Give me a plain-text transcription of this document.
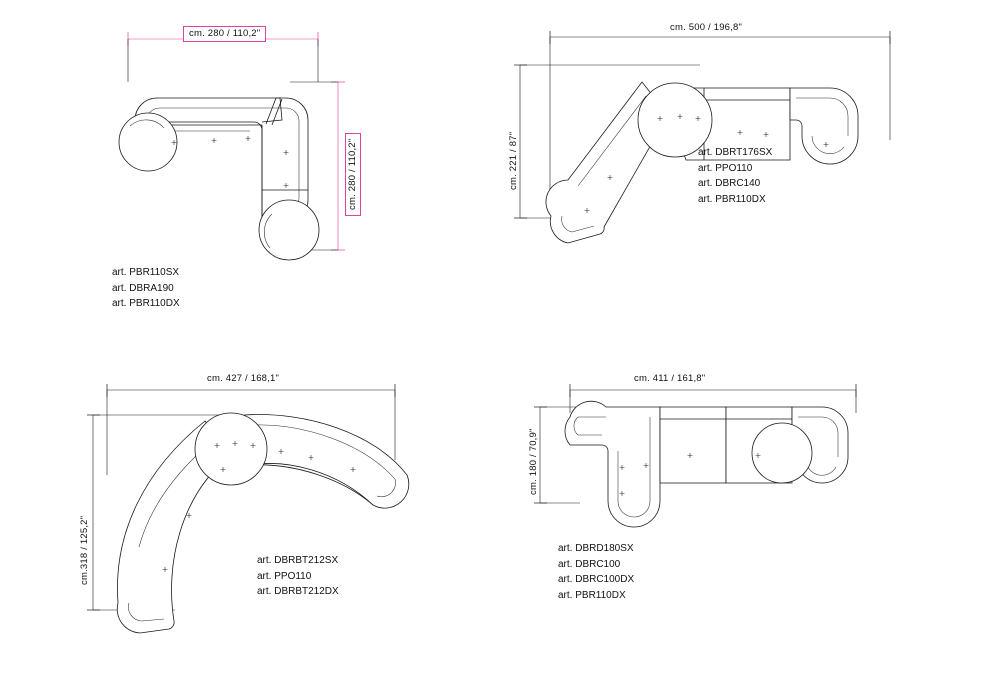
cm. 280 / 110,2"
cm. 280 / 110,2"
art. PBR110SX
art. DBRA190
art. PBR110DX
cm. 500 / 196,8"
cm. 221 / 87"	art. DBRT176SX
art. PPO110
art. DBRC140
art. PBR110DX
cm. 427 / 168,1"
cm.318 / 125,2"	art. DBRBT212SX
art. PPO110
art. DBRBT212DX
cm. 411 / 161,8"
cm. 180 / 70,9"
art. DBRD180SX
art. DBRC100
art. DBRC100DX
art. PBR110DX
